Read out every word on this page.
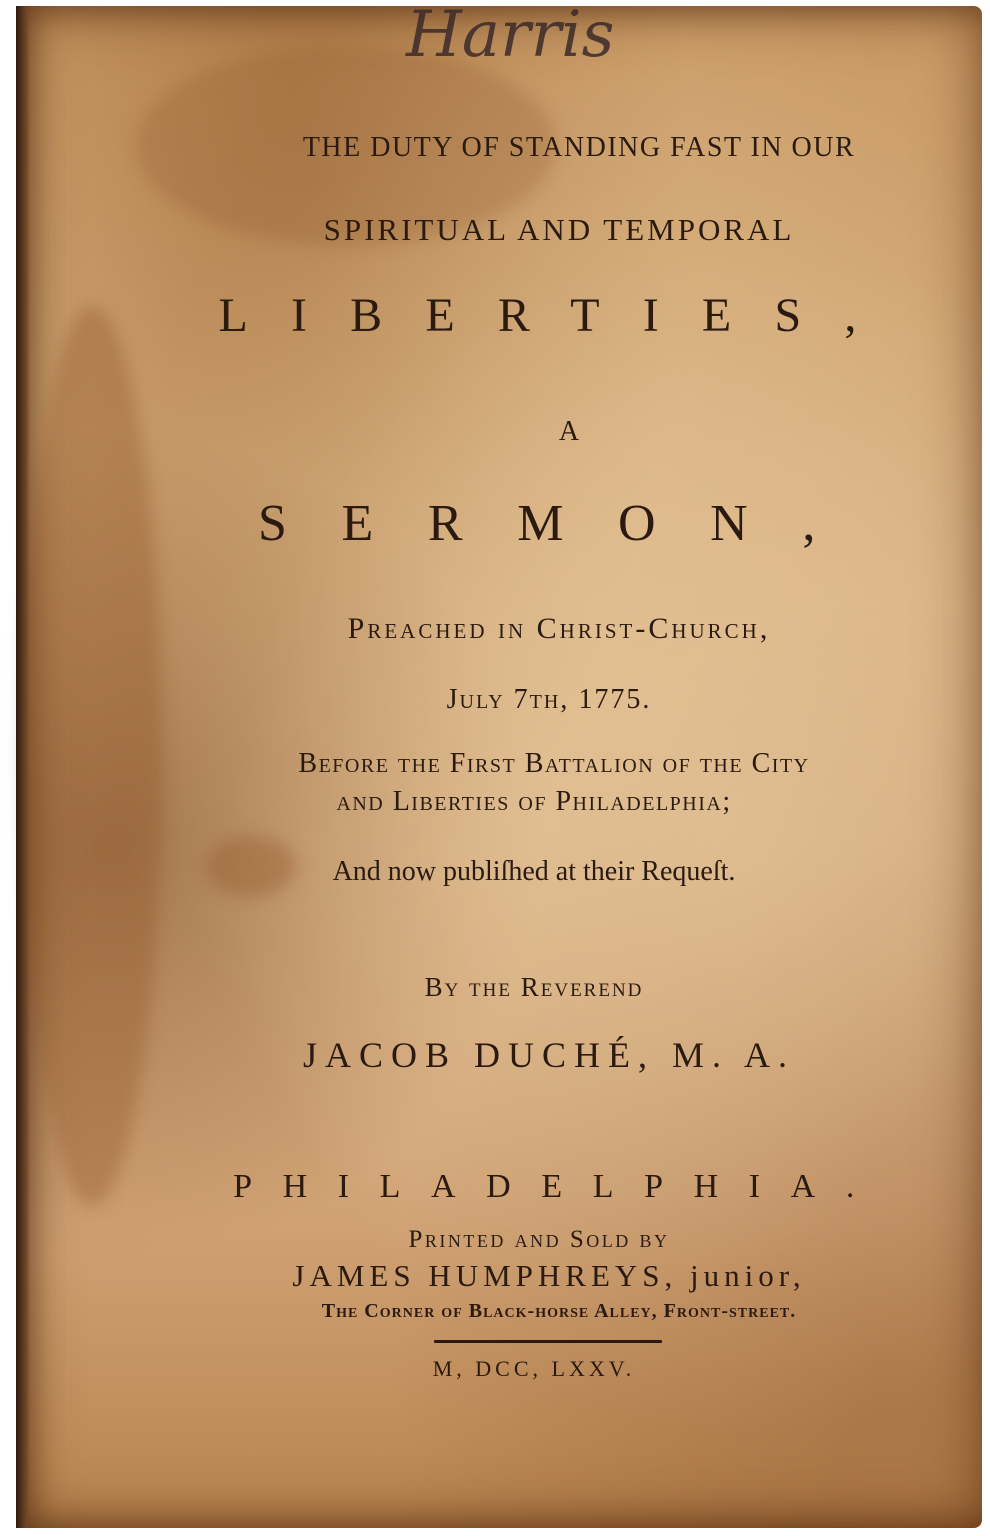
Harris
THE DUTY OF STANDING FAST IN OUR
SPIRITUAL AND TEMPORAL
LIBERTIES,
A
SERMON,
Preached in Christ-Church,
July 7th, 1775.
Before the First Battalion of the City
and Liberties of Philadelphia;
And now publiſhed at their Requeſt.
By the Reverend
JACOB DUCHÉ, M. A.
PHILADELPHIA.
Printed and Sold by
JAMES HUMPHREYS, junior,
The Corner of Black-horse Alley, Front-street.
M, DCC, LXXV.
